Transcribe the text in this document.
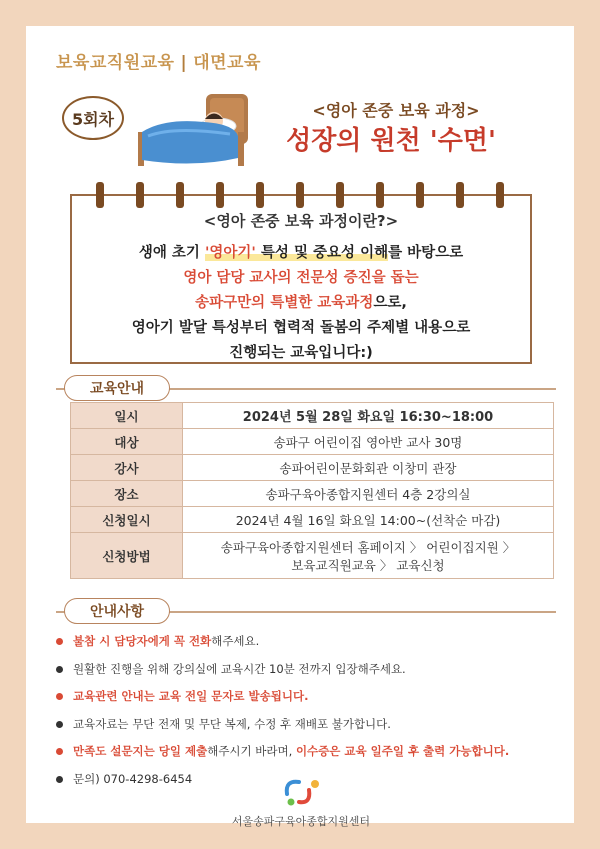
보육교직원교육 | 대면교육
5회차	<영아 존중 보육 과정>
성장의 원천 '수면'
<영아 존중 보육 과정이란?>
생애 초기 '영아기' 특성 및 중요성 이해를 바탕으로
영아 담당 교사의 전문성 증진을 돕는
송파구만의 특별한 교육과정으로,
영아기 발달 특성부터 협력적 돌봄의 주제별 내용으로
진행되는 교육입니다:)
교육안내
일시	2024년 5월 28일 화요일 16:30~18:00
대상	송파구 어린이집 영아반 교사 30명
강사	송파어린이문화회관 이창미 관장
장소	송파구육아종합지원센터 4층 2강의실
신청일시	2024년 4월 16일 화요일 14:00~(선착순 마감)
신청방법	송파구육아종합지원센터 홈페이지 〉 어린이집지원 〉
보육교직원교육 〉 교육신청
안내사항
불참 시 담당자에게 꼭 전화해주세요.
원활한 진행을 위해 강의실에 교육시간 10분 전까지 입장해주세요.
교육관련 안내는 교육 전일 문자로 발송됩니다.
교육자료는 무단 전재 및 무단 복제, 수정 후 재배포 불가합니다.
만족도 설문지는 당일 제출해주시기 바라며, 이수증은 교육 일주일 후 출력 가능합니다.
문의) 070-4298-6454
서울송파구육아종합지원센터
